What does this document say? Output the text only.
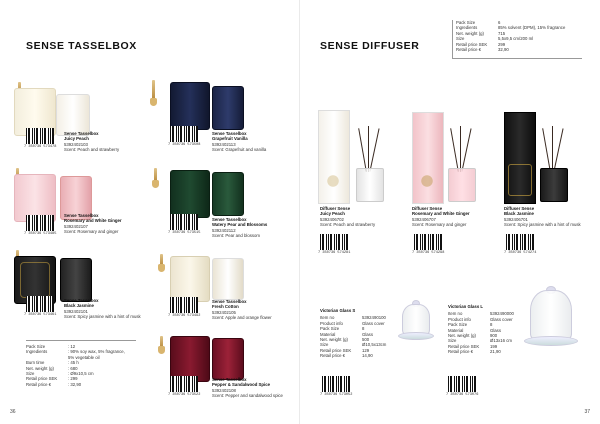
SENSE TASSELBOX
7 350736 573478
Sense Tasselbox
Juicy Peach
5392402103
Scent: Peach and strawberry
7 350736 573485
Sense Tasselbox
Rosemary and White Ginger
5392402107
Scent: Rosemary and ginger
7 350736 573461
Sense Tasselbox
Black Jasmine
5392402101
Scent: Spicy jasmine with a hint of musk
7 350736 573508
Sense Tasselbox
Grapefruit Vanilla
5392402113
Scent: Grapefruit and vanilla
7 350736 573515
Sense Tasselbox
Watery Pear and Blossoms
5392402112
Scent: Pear and blossom
7 350736 573492
Sense Tasselbox
Fresh Cotton
5392402105
Scent: Apple and orange flower
7 350736 573522
Sense Tasselbox
Pepper & Sandalwood Spice
5392402108
Scent: Pepper and sandalwood spice
Pack Size	: 12
Ingredients	: 90% soy wax, 5% fragrance,
	5% vegetable oil
Burn time	: 45 h
Net. weight (g)	: 680
Size	: Ø9x10,5 cm
Retail price SEK	: 299
Retail price €	: 32,90
36
SENSE DIFFUSER
Pack Size	6
Ingredients	85% solvent (DPM), 15% fragrance
Net. weight (g)	715
Size	5,5x9,5 cm/200 ml
Retail price SEK	299
Retail price €	32,90
7 350736 574281
Diffuser Sense
Juicy Peach
5392406702
Scent: Peach and strawberry
7 350736 574298
Diffuser Sense
Rosemary and White Ginger
5392406707
Scent: Rosemary and ginger
7 350736 574274
Diffuser Sense
Black Jasmine
5392406701
Scent: Spicy jasmine with a hint of musk
Victorian Glass S
Item no	5392490100
Product info	Glass cover
Pack Size	8
Material	Glass
Net. weight (g)	500
Size	Ø10,5x13cm
Retail price SEK	129
Retail price €	14,90
7 350736 573052
Victorian Glass L
Item no	5392490000
Product info	Glass cover
Pack Size	8
Material	Glass
Net. weight (g)	900
Size	Ø13x16 cm
Retail price SEK	199
Retail price €	21,90
7 350736 573076
37
